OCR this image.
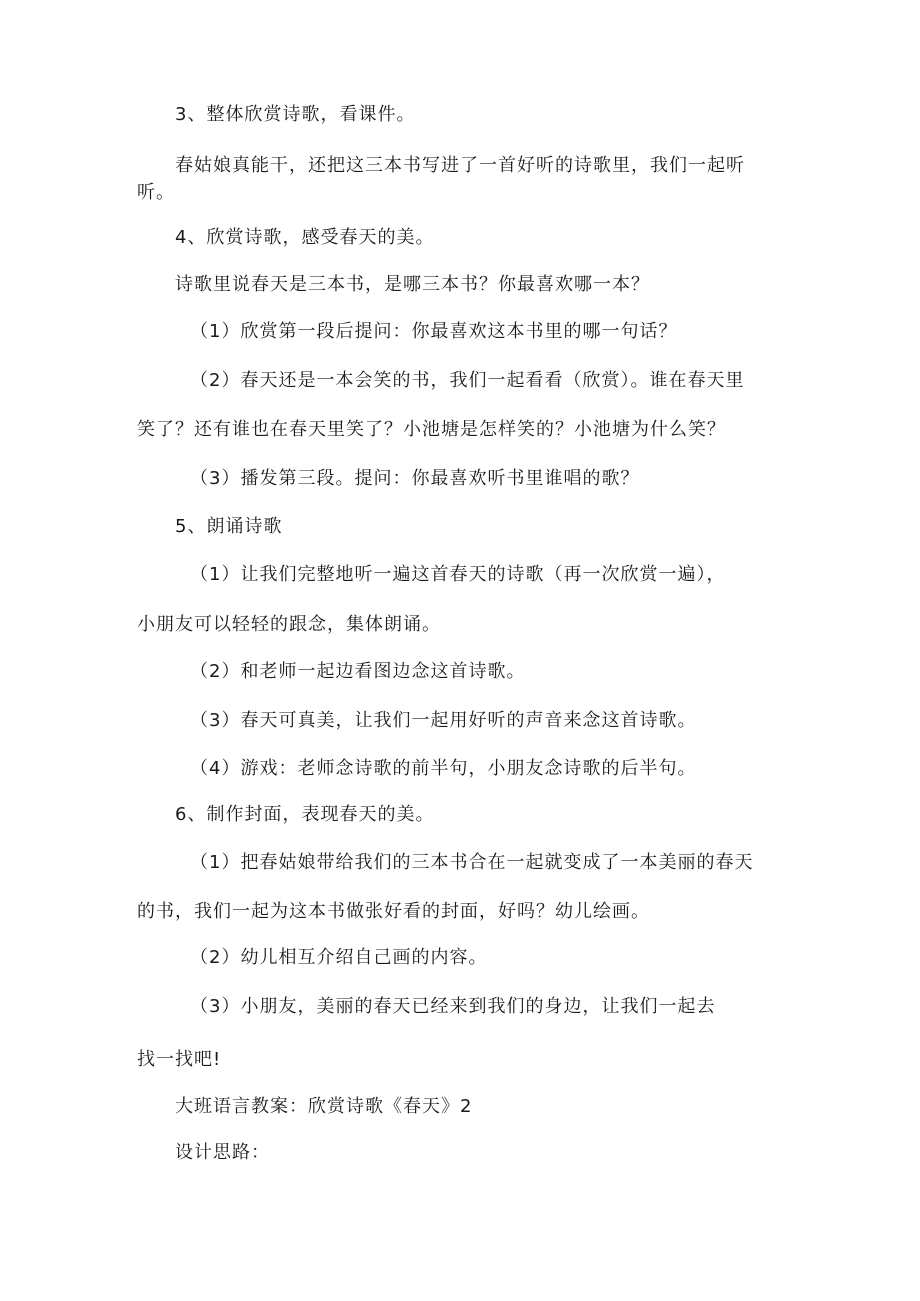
3、整体欣赏诗歌，看课件。

春姑娘真能干，还把这三本书写进了一首好听的诗歌里，我们一起听

听。

4、欣赏诗歌，感受春天的美。

诗歌里说春天是三本书，是哪三本书？你最喜欢哪一本？

（1）欣赏第一段后提问：你最喜欢这本书里的哪一句话？

（2）春天还是一本会笑的书，我们一起看看（欣赏）。谁在春天里

笑了？还有谁也在春天里笑了？小池塘是怎样笑的？小池塘为什么笑？

（3）播发第三段。提问：你最喜欢听书里谁唱的歌？

5、朗诵诗歌

（1）让我们完整地听一遍这首春天的诗歌（再一次欣赏一遍），

小朋友可以轻轻的跟念，集体朗诵。

（2）和老师一起边看图边念这首诗歌。

（3）春天可真美，让我们一起用好听的声音来念这首诗歌。

（4）游戏：老师念诗歌的前半句，小朋友念诗歌的后半句。

6、制作封面，表现春天的美。

（1）把春姑娘带给我们的三本书合在一起就变成了一本美丽的春天

的书，我们一起为这本书做张好看的封面，好吗？幼儿绘画。

（2）幼儿相互介绍自己画的内容。

（3）小朋友，美丽的春天已经来到我们的身边，让我们一起去

找一找吧!

大班语言教案：欣赏诗歌《春天》2

设计思路：
